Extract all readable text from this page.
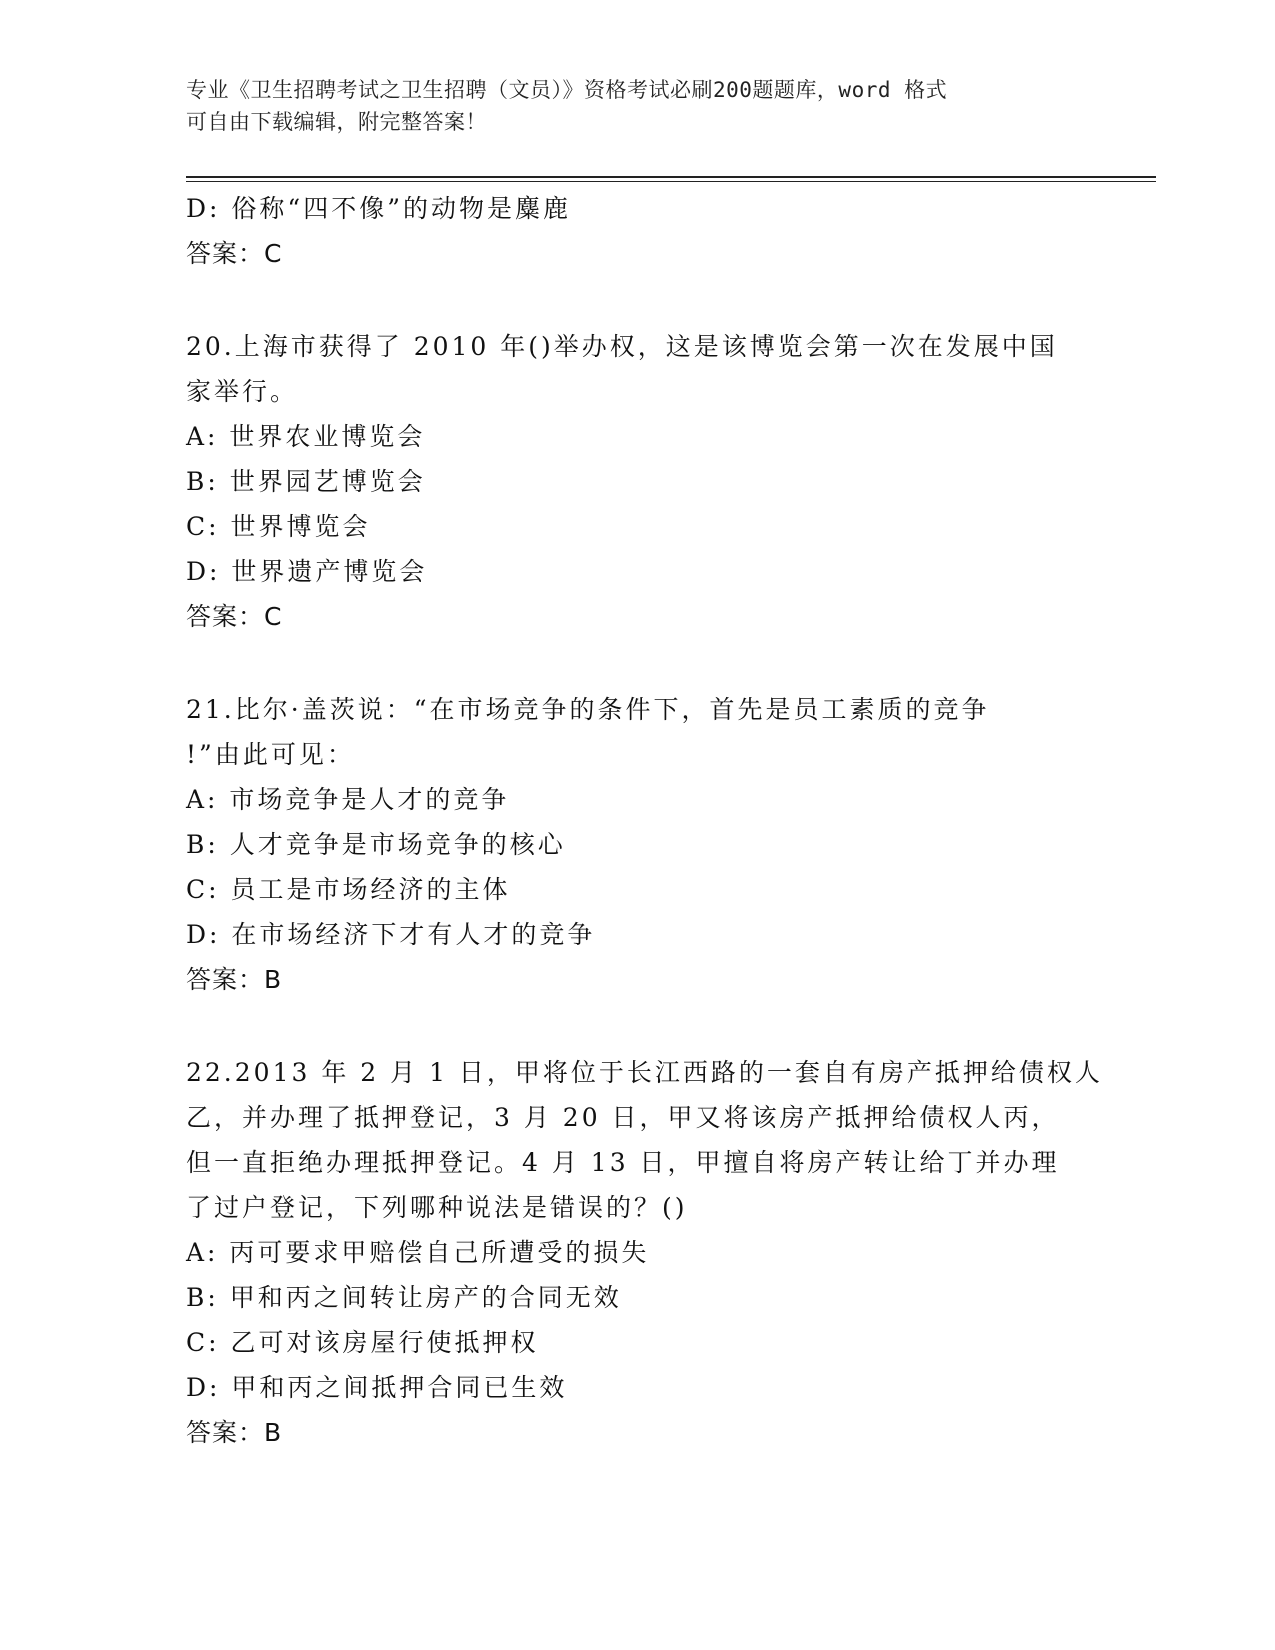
专业《卫生招聘考试之卫生招聘（文员）》资格考试必刷200题题库，word 格式
可自由下载编辑，附完整答案！
D: 俗称“四不像”的动物是麋鹿
答案：C
20.上海市获得了 2010 年()举办权，这是该博览会第一次在发展中国
家举行。
A: 世界农业博览会
B: 世界园艺博览会
C: 世界博览会
D: 世界遗产博览会
答案：C
21.比尔·盖茨说：“在市场竞争的条件下，首先是员工素质的竞争
!”由此可见：
A: 市场竞争是人才的竞争
B: 人才竞争是市场竞争的核心
C: 员工是市场经济的主体
D: 在市场经济下才有人才的竞争
答案：B
22.2013 年 2 月 1 日，甲将位于长江西路的一套自有房产抵押给债权人
乙，并办理了抵押登记，3 月 20 日，甲又将该房产抵押给债权人丙，
但一直拒绝办理抵押登记。4 月 13 日，甲擅自将房产转让给丁并办理
了过户登记，下列哪种说法是错误的？()
A: 丙可要求甲赔偿自己所遭受的损失
B: 甲和丙之间转让房产的合同无效
C: 乙可对该房屋行使抵押权
D: 甲和丙之间抵押合同已生效
答案：B
